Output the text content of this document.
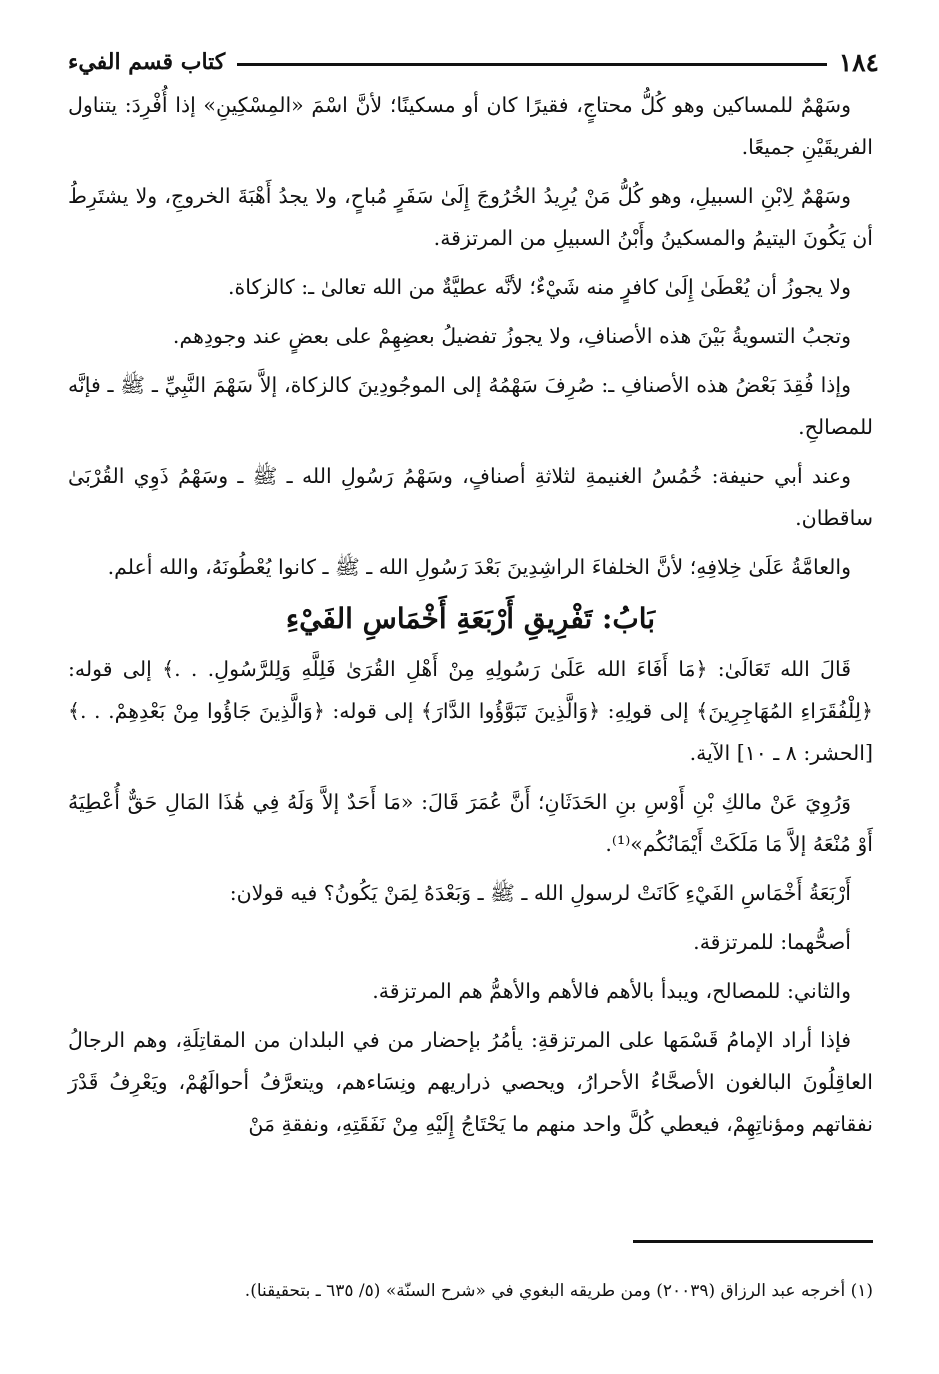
١٨٤
كتاب قسم الفيء

وسَهْمٌ للمساكين وهو كُلُّ محتاجٍ، فقيرًا كان أو مسكينًا؛ لأنَّ اسْمَ «المِسْكِينِ» إذا أُفْرِدَ: يتناول الفريقَيْنِ جميعًا.

وسَهْمٌ لِابْنِ السبيلِ، وهو كُلُّ مَنْ يُرِيدُ الخُرُوجَ إِلَىٰ سَفَرٍ مُباحٍ، ولا يجدُ أَهْبَةَ الخروجِ، ولا يشتَرِطُ أن يَكُونَ اليتيمُ والمسكينُ وأَبْنُ السبيلِ من المرتزقة.

ولا يجوزُ أن يُعْطَىٰ إِلَىٰ كافرٍ منه شَيْءٌ؛ لأنَّه عطيَّةٌ من الله تعالىٰ ـ: كالزكاة.

وتجبُ التسويةُ بَيْنَ هذه الأصنافِ، ولا يجوزُ تفضيلُ بعضِهِمْ على بعضٍ عند وجودِهم.

وإذا فُقِدَ بَعْضُ هذه الأصنافِ ـ: صُرِفَ سَهْمُهُ إلى الموجُودِينَ كالزكاة، إلاَّ سَهْمَ النَّبِيِّ ـ ﷺ ـ فإنَّه للمصالحِ.

وعند أبي حنيفة: خُمُسُ الغنيمةِ لثلاثةِ أصنافٍ، وسَهْمُ رَسُولِ الله ـ ﷺ ـ وسَهْمُ ذَوِي القُرْبَىٰ ساقطان.

والعامَّةُ عَلَىٰ خِلافِهِ؛ لأنَّ الخلفاءَ الراشِدِينَ بَعْدَ رَسُولِ الله ـ ﷺ ـ كانوا يُعْطُونَهُ، والله أعلم.

بَابُ: تَفْرِيقِ أَرْبَعَةِ أَخْمَاسِ الفَيْءِ

قَالَ الله تَعَالَىٰ: ﴿مَا أَفَاءَ الله عَلَىٰ رَسُولِهِ مِنْ أَهْلِ القُرَىٰ فَلِلَّهِ وَلِلرَّسُولِ. . .﴾ إلى قوله: ﴿لِلْفُقَرَاءِ المُهَاجِرِينَ﴾ إلى قولِهِ: ﴿وَالَّذِينَ تَبَوَّؤُوا الدَّارَ﴾ إلى قوله: ﴿وَالَّذِينَ جَاؤُوا مِنْ بَعْدِهِمْ. . .﴾ [الحشر: ٨ ـ ١٠] الآية.

وَرُوِيَ عَنْ مالكِ بْنِ أَوْسِ بنِ الحَدَثَانِ؛ أَنَّ عُمَرَ قَالَ: «مَا أَحَدٌ إلاَّ وَلَهُ فِي هَٰذَا المَالِ حَقٌّ أُعْطِيَهُ أَوْ مُنْعَهُ إلاَّ مَا مَلَكَتْ أَيْمَانُكُم»⁽¹⁾.

أَرْبَعَةُ أَخْمَاسِ الفَيْءِ كَانَتْ لرسولِ الله ـ ﷺ ـ وَبَعْدَهُ لِمَنْ يَكُونُ؟ فيه قولان:

أصحُّهما: للمرتزقة.

والثاني: للمصالح، ويبدأ بالأهم فالأهم والأهمُّ هم المرتزقة.

فإذا أراد الإمامُ قَسْمَها على المرتزقةِ: يأمُرُ بإحضار من في البلدان من المقاتِلَةِ، وهم الرجالُ العاقِلُونَ البالغون الأصحَّاءُ الأحرارُ، ويحصي ذراريهم ونِسَاءهم، ويتعرَّفُ أحوالَهُمْ، ويَعْرِفُ قَدْرَ نفقاتهم ومؤناتِهِمْ، فيعطي كُلَّ واحد منهم ما يَحْتَاجُ إِلَيْهِ مِنْ نَفَقَتِهِ، ونفقةِ مَنْ

(١) أخرجه عبد الرزاق (٢٠٠٣٩) ومن طريقه البغوي في «شرح السنّة» (٥/ ٦٣٥ ـ بتحقيقنا).
